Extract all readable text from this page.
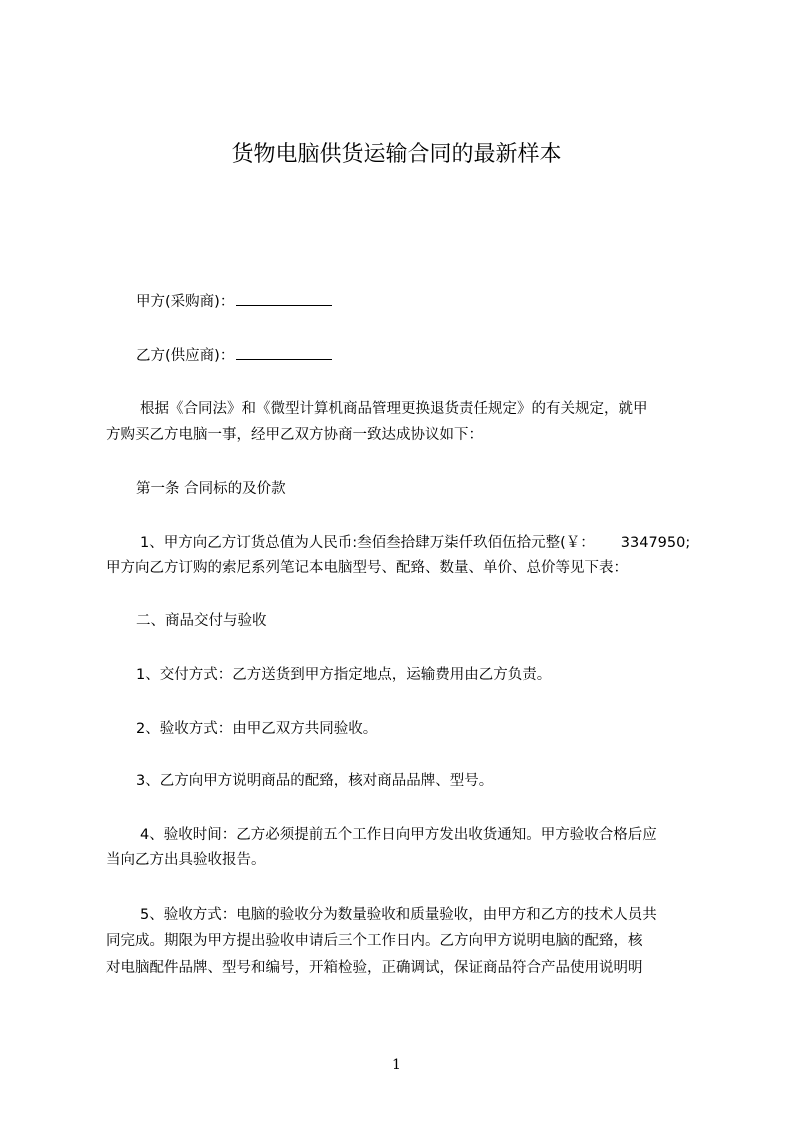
货物电脑供货运输合同的最新样本

甲方(采购商)：

乙方(供应商)：

根据《合同法》和《微型计算机商品管理更换退货责任规定》的有关规定，就甲

方购买乙方电脑一事，经甲乙双方协商一致达成协议如下：

第一条 合同标的及价款

1、甲方向乙方订货总值为人民币:叁佰叁拾肆万柒仟玖佰伍拾元整(￥： 3347950;

甲方向乙方订购的索尼系列笔记本电脑型号、配臵、数量、单价、总价等见下表：

二、商品交付与验收

1、交付方式：乙方送货到甲方指定地点，运输费用由乙方负责。

2、验收方式：由甲乙双方共同验收。

3、乙方向甲方说明商品的配臵，核对商品品牌、型号。

4、验收时间：乙方必须提前五个工作日向甲方发出收货通知。甲方验收合格后应

当向乙方出具验收报告。

5、验收方式：电脑的验收分为数量验收和质量验收，由甲方和乙方的技术人员共

同完成。期限为甲方提出验收申请后三个工作日内。乙方向甲方说明电脑的配臵，核

对电脑配件品牌、型号和编号，开箱检验，正确调试，保证商品符合产品使用说明明

1
